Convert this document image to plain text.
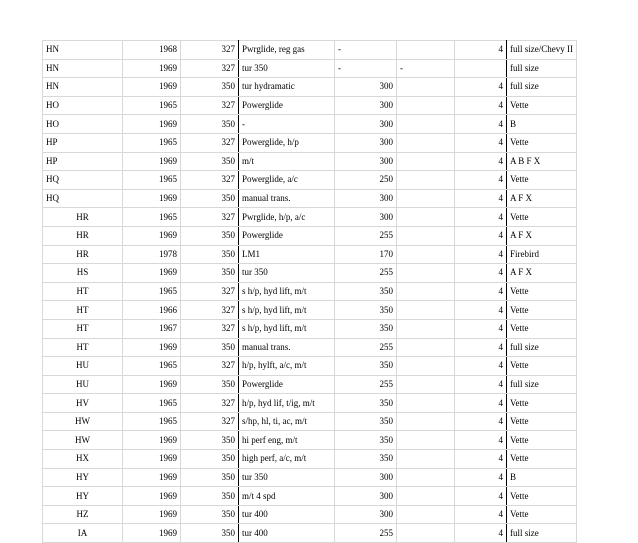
HN	1968	327	Pwrglide, reg gas	-		4	full size/Chevy II
HN	1969	327	tur 350	-	-		full size
HN	1969	350	tur hydramatic	300		4	full size
HO	1965	327	Powerglide	300		4	Vette
HO	1969	350	-	300		4	B
HP	1965	327	Powerglide, h/p	300		4	Vette
HP	1969	350	m/t	300		4	A B F X
HQ	1965	327	Powerglide, a/c	250		4	Vette
HQ	1969	350	manual trans.	300		4	A F X
HR	1965	327	Pwrglide, h/p, a/c	300		4	Vette
HR	1969	350	Powerglide	255		4	A F X
HR	1978	350	LM1	170		4	Firebird
HS	1969	350	tur 350	255		4	A F X
HT	1965	327	s h/p, hyd lift, m/t	350		4	Vette
HT	1966	327	s h/p, hyd lift, m/t	350		4	Vette
HT	1967	327	s h/p, hyd lift, m/t	350		4	Vette
HT	1969	350	manual trans.	255		4	full size
HU	1965	327	h/p, hylft, a/c, m/t	350		4	Vette
HU	1969	350	Powerglide	255		4	full size
HV	1965	327	h/p, hyd lif, t/ig, m/t	350		4	Vette
HW	1965	327	s/hp, hl, ti, ac, m/t	350		4	Vette
HW	1969	350	hi perf eng, m/t	350		4	Vette
HX	1969	350	high perf, a/c, m/t	350		4	Vette
HY	1969	350	tur 350	300		4	B
HY	1969	350	m/t 4 spd	300		4	Vette
HZ	1969	350	tur 400	300		4	Vette
IA	1969	350	tur 400	255		4	full size
